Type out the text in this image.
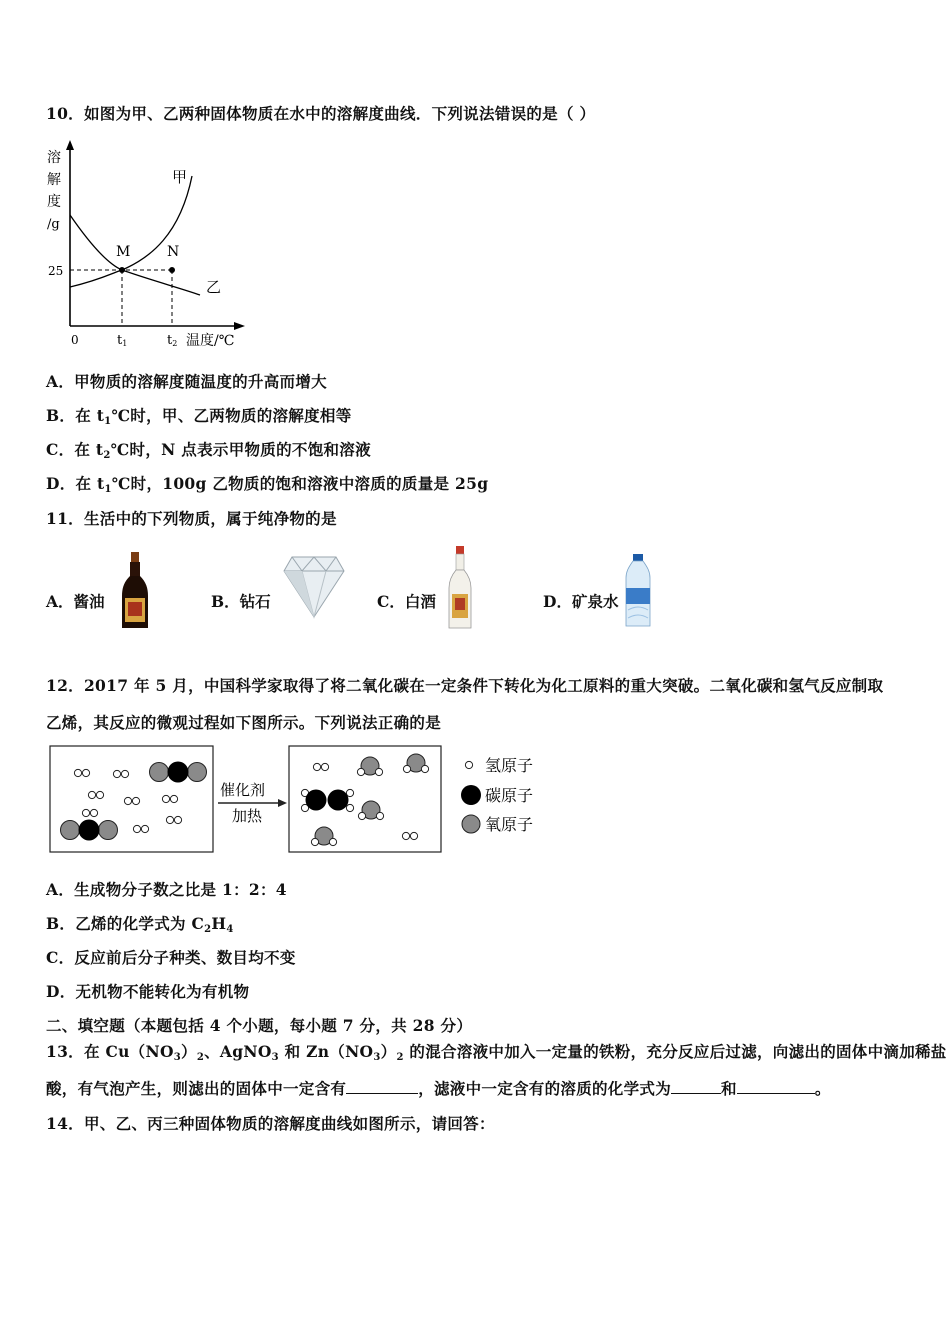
10．如图为甲、乙两种固体物质在水中的溶解度曲线．下列说法错误的是（ ）
溶
解
度
/g
M	N
甲
乙
25
0	t1	t2 温度/℃
A．甲物质的溶解度随温度的升高而增大
B．在 $t_1℃$时，甲、乙两物质的溶解度相等
C．在 $t_2℃$时，N 点表示甲物质的不饱和溶液
D．在 $t_1℃$时，100g 乙物质的饱和溶液中溶质的质量是 25g
11．生活中的下列物质，属于纯净物的是
A．酱油	B．钻石	C．白酒	D．矿泉水
12．2017 年 5 月，中国科学家取得了将二氧化碳在一定条件下转化为化工原料的重大突破。二氧化碳和氢气反应制取
乙烯，其反应的微观过程如下图所示。下列说法正确的是
催化剂
加热
氢原子
碳原子
氧原子
A．生成物分子数之比是 1：2：4
B．乙烯的化学式为 $C_2H_4$
C．反应前后分子种类、数目均不变
D．无机物不能转化为有机物
二、填空题（本题包括 4 个小题，每小题 7 分，共 28 分）
13．在 $Cu(NO_3)_2$、AgNO$_3$ 和 $Zn(NO_3)_2$ 的混合溶液中加入一定量的铁粉，充分反应后过滤，向滤出的固体中滴加稀盐
酸，有气泡产生，则滤出的固体中一定含有	，滤液中一定含有的溶质的化学式为	和	。
14．甲、乙、丙三种固体物质的溶解度曲线如图所示，请回答：
